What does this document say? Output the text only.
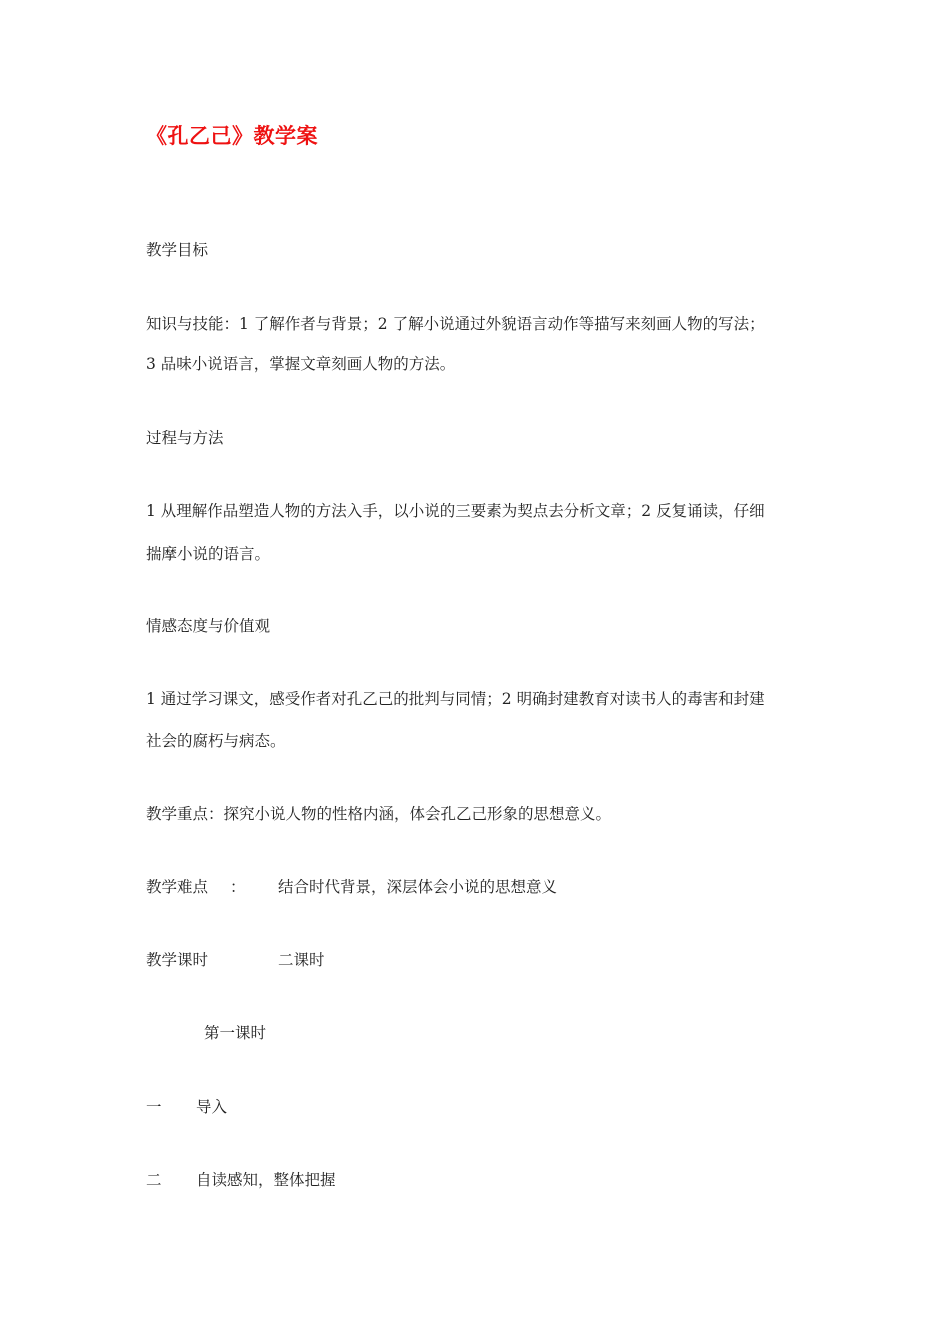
《孔乙己》教学案
教学目标
知识与技能：1 了解作者与背景；2 了解小说通过外貌语言动作等描写来刻画人物的写法；
3 品味小说语言，掌握文章刻画人物的方法。
过程与方法
1 从理解作品塑造人物的方法入手，以小说的三要素为契点去分析文章；2 反复诵读，仔细
揣摩小说的语言。
情感态度与价值观
1 通过学习课文，感受作者对孔乙己的批判与同情；2 明确封建教育对读书人的毒害和封建
社会的腐朽与病态。
教学重点：探究小说人物的性格内涵，体会孔乙己形象的思想意义。
教学难点 ： 结合时代背景，深层体会小说的思想意义
教学课时	二课时
第一课时
一 导入
二 自读感知，整体把握
